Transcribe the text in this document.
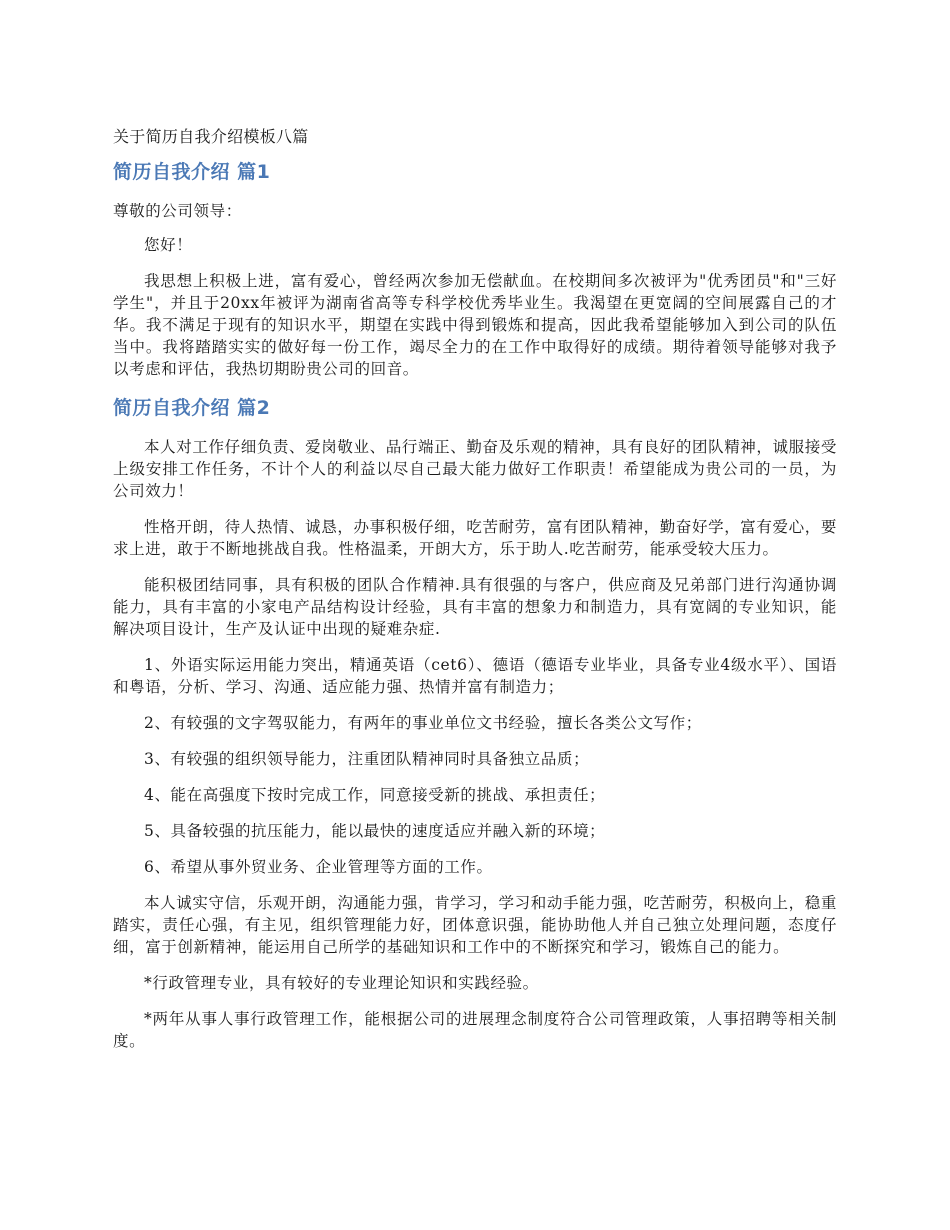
关于简历自我介绍模板八篇
简历自我介绍 篇1

尊敬的公司领导：

您好！

我思想上积极上进，富有爱心，曾经两次参加无偿献血。在校期间多次被评为"优秀团员"和"三好学生"，并且于20xx年被评为湖南省高等专科学校优秀毕业生。我渴望在更宽阔的空间展露自己的才华。我不满足于现有的知识水平，期望在实践中得到锻炼和提高，因此我希望能够加入到公司的队伍当中。我将踏踏实实的做好每一份工作，竭尽全力的在工作中取得好的成绩。期待着领导能够对我予以考虑和评估，我热切期盼贵公司的回音。

简历自我介绍 篇2

本人对工作仔细负责、爱岗敬业、品行端正、勤奋及乐观的精神，具有良好的团队精神，诚服接受上级安排工作任务，不计个人的利益以尽自己最大能力做好工作职责！希望能成为贵公司的一员，为公司效力！

性格开朗，待人热情、诚恳，办事积极仔细，吃苦耐劳，富有团队精神，勤奋好学，富有爱心，要求上进，敢于不断地挑战自我。性格温柔，开朗大方，乐于助人.吃苦耐劳，能承受较大压力。

能积极团结同事，具有积极的团队合作精神.具有很强的与客户，供应商及兄弟部门进行沟通协调能力，具有丰富的小家电产品结构设计经验，具有丰富的想象力和制造力，具有宽阔的专业知识，能解决项目设计，生产及认证中出现的疑难杂症.

1、外语实际运用能力突出，精通英语（cet6）、德语（德语专业毕业，具备专业4级水平）、国语和粤语，分析、学习、沟通、适应能力强、热情并富有制造力；

2、有较强的文字驾驭能力，有两年的事业单位文书经验，擅长各类公文写作；

3、有较强的组织领导能力，注重团队精神同时具备独立品质；

4、能在高强度下按时完成工作，同意接受新的挑战、承担责任；

5、具备较强的抗压能力，能以最快的速度适应并融入新的环境；

6、希望从事外贸业务、企业管理等方面的工作。

本人诚实守信，乐观开朗，沟通能力强，肯学习，学习和动手能力强，吃苦耐劳，积极向上，稳重踏实，责任心强，有主见，组织管理能力好，团体意识强，能协助他人并自己独立处理问题，态度仔细，富于创新精神，能运用自己所学的基础知识和工作中的不断探究和学习，锻炼自己的能力。

*行政管理专业，具有较好的专业理论知识和实践经验。

*两年从事人事行政管理工作，能根据公司的进展理念制度符合公司管理政策，人事招聘等相关制度。
